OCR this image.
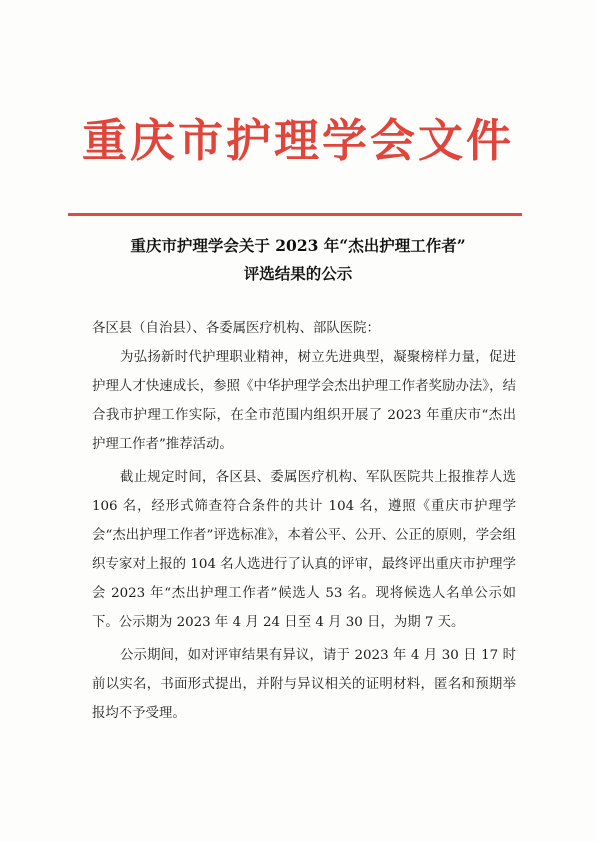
重庆市护理学会文件
重庆市护理学会关于 2023 年“杰出护理工作者”
评选结果的公示

各区县（自治县）、各委属医疗机构、部队医院：

为弘扬新时代护理职业精神，树立先进典型，凝聚榜样力量，促进护理人才快速成长，参照《中华护理学会杰出护理工作者奖励办法》，结合我市护理工作实际，在全市范围内组织开展了 2023 年重庆市“杰出护理工作者”推荐活动。

截止规定时间，各区县、委属医疗机构、军队医院共上报推荐人选 106 名，经形式筛查符合条件的共计 104 名，遵照《重庆市护理学会“杰出护理工作者”评选标准》，本着公平、公开、公正的原则，学会组织专家对上报的 104 名人选进行了认真的评审，最终评出重庆市护理学会 2023 年“杰出护理工作者”候选人 53 名。现将候选人名单公示如下。公示期为 2023 年 4 月 24 日至 4 月 30 日，为期 7 天。

公示期间，如对评审结果有异议，请于 2023 年 4 月 30 日 17 时前以实名，书面形式提出，并附与异议相关的证明材料，匿名和预期举报均不予受理。
